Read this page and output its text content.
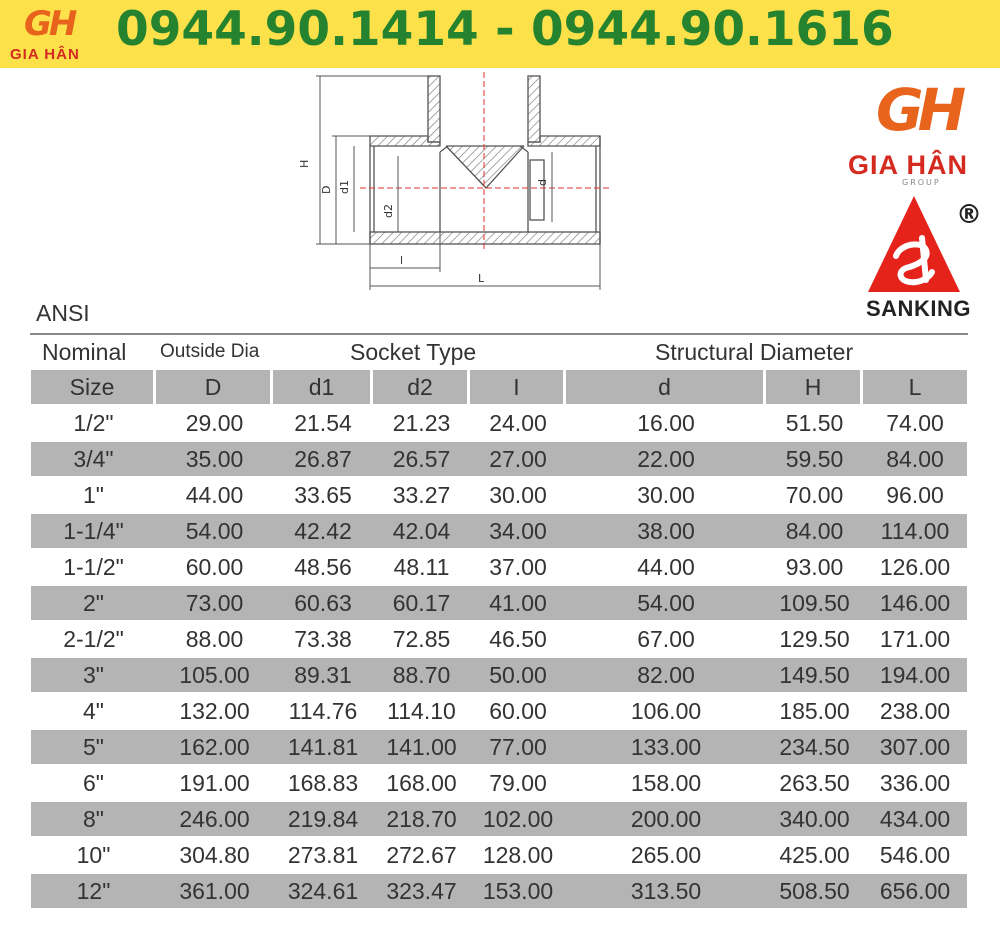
GH
GIA HÂN 0944.90.1414 - 0944.90.1616
H
D d1
d2
d
l
L
GH
GIA HÂN
GROUP
®
SANKING
ANSI
Nominal Outside Dia	Socket Type	Structural Diameter
Size	D	d1	d2	I	d	H	L
1/2"	29.00	21.54	21.23	24.00	16.00	51.50	74.00
3/4"	35.00	26.87	26.57	27.00	22.00	59.50	84.00
1"	44.00	33.65	33.27	30.00	30.00	70.00	96.00
1-1/4"	54.00	42.42	42.04	34.00	38.00	84.00	114.00
1-1/2"	60.00	48.56	48.11	37.00	44.00	93.00	126.00
2"	73.00	60.63	60.17	41.00	54.00	109.50	146.00
2-1/2"	88.00	73.38	72.85	46.50	67.00	129.50	171.00
3"	105.00	89.31	88.70	50.00	82.00	149.50	194.00
4"	132.00	114.76	114.10	60.00	106.00	185.00	238.00
5"	162.00	141.81	141.00	77.00	133.00	234.50	307.00
6"	191.00	168.83	168.00	79.00	158.00	263.50	336.00
8"	246.00	219.84	218.70	102.00	200.00	340.00	434.00
10"	304.80	273.81	272.67	128.00	265.00	425.00	546.00
12"	361.00	324.61	323.47	153.00	313.50	508.50	656.00
